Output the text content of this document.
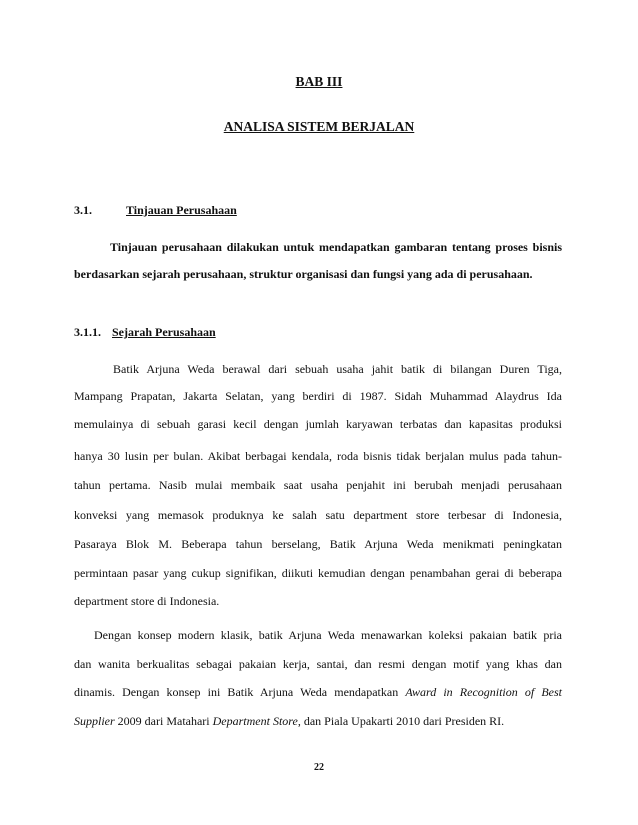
BAB III
ANALISA SISTEM BERJALAN
3.1.	Tinjauan Perusahaan
Tinjauan perusahaan dilakukan untuk mendapatkan gambaran tentang proses bisnis
berdasarkan sejarah perusahaan, struktur organisasi dan fungsi yang ada di perusahaan.
3.1.1. Sejarah Perusahaan
Batik Arjuna Weda berawal dari sebuah usaha jahit batik di bilangan Duren Tiga,
Mampang Prapatan, Jakarta Selatan, yang berdiri di 1987. Sidah Muhammad Alaydrus Ida
memulainya di sebuah garasi kecil dengan jumlah karyawan terbatas dan kapasitas produksi
hanya 30 lusin per bulan. Akibat berbagai kendala, roda bisnis tidak berjalan mulus pada tahun-
tahun pertama. Nasib mulai membaik saat usaha penjahit ini berubah menjadi perusahaan
konveksi yang memasok produknya ke salah satu department store terbesar di Indonesia,
Pasaraya Blok M. Beberapa tahun berselang, Batik Arjuna Weda menikmati peningkatan
permintaan pasar yang cukup signifikan, diikuti kemudian dengan penambahan gerai di beberapa
department store di Indonesia.
Dengan konsep modern klasik, batik Arjuna Weda menawarkan koleksi pakaian batik pria
dan wanita berkualitas sebagai pakaian kerja, santai, dan resmi dengan motif yang khas dan
dinamis. Dengan konsep ini Batik Arjuna Weda mendapatkan Award in Recognition of Best
Supplier 2009 dari Matahari Department Store, dan Piala Upakarti 2010 dari Presiden RI.
22
